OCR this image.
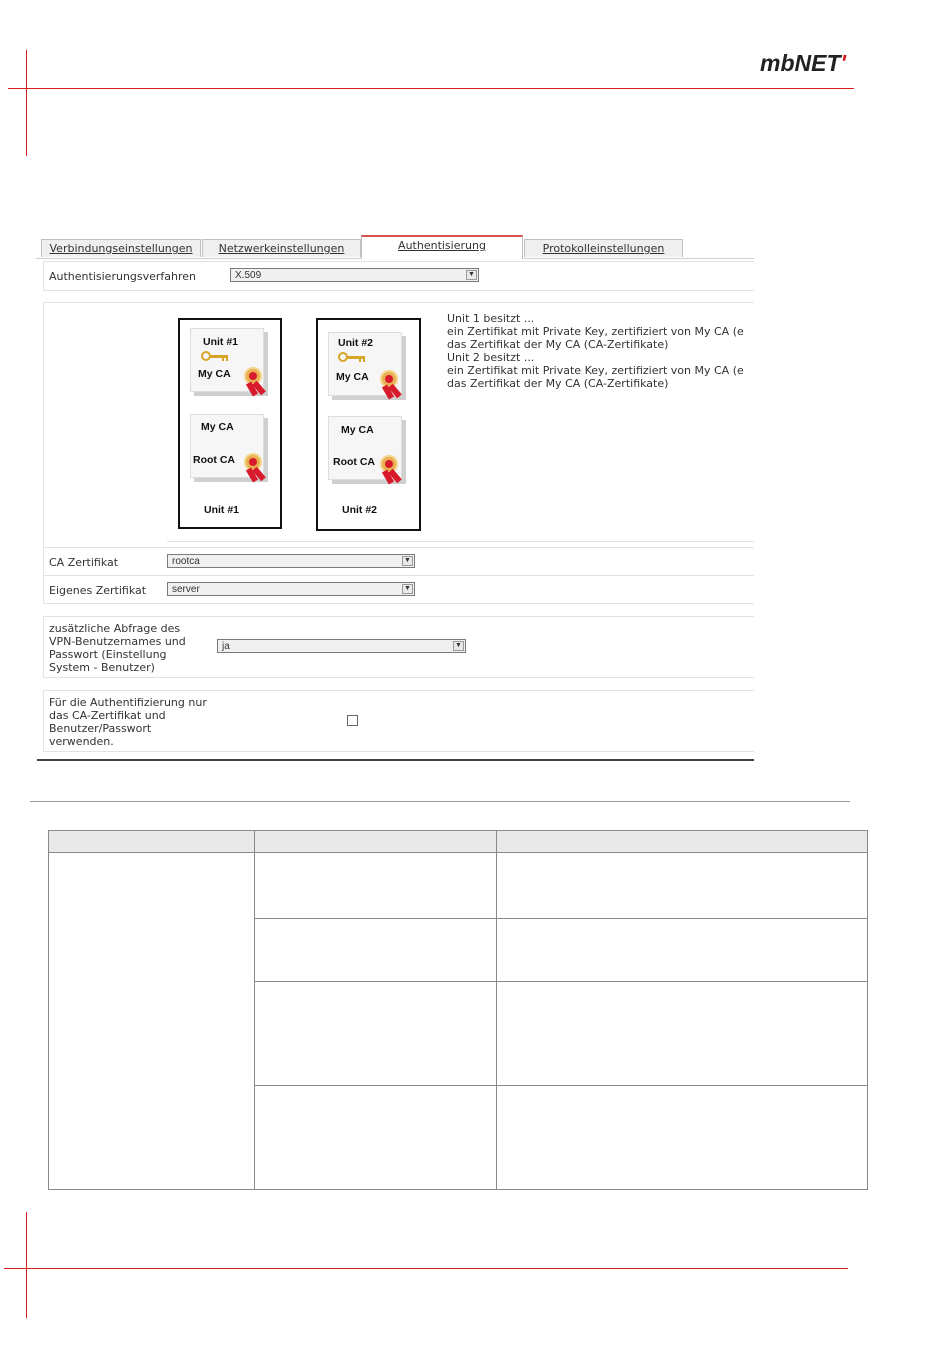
mbNET'
Verbindungseinstellungen	Netzwerkeinstellungen	Authentisierung	Protokolleinstellungen
Authentisierungsverfahren	X.509	▼
Unit #1
My CA
My CA
Root CA
Unit #1
Unit #2
My CA
My CA
Root CA
Unit #2
Unit 1 besitzt ...
ein Zertifikat mit Private Key, zertifiziert von My CA (e
das Zertifikat der My CA (CA-Zertifikate)
Unit 2 besitzt ...
ein Zertifikat mit Private Key, zertifiziert von My CA (e
das Zertifikat der My CA (CA-Zertifikate)
CA Zertifikat	rootca	▼
Eigenes Zertifikat	server	▼
zusätzliche Abfrage des
VPN-Benutzernames und
Passwort (Einstellung
System - Benutzer)
ja	▼
Für die Authentifizierung nur
das CA-Zertifikat und
Benutzer/Passwort
verwenden.
